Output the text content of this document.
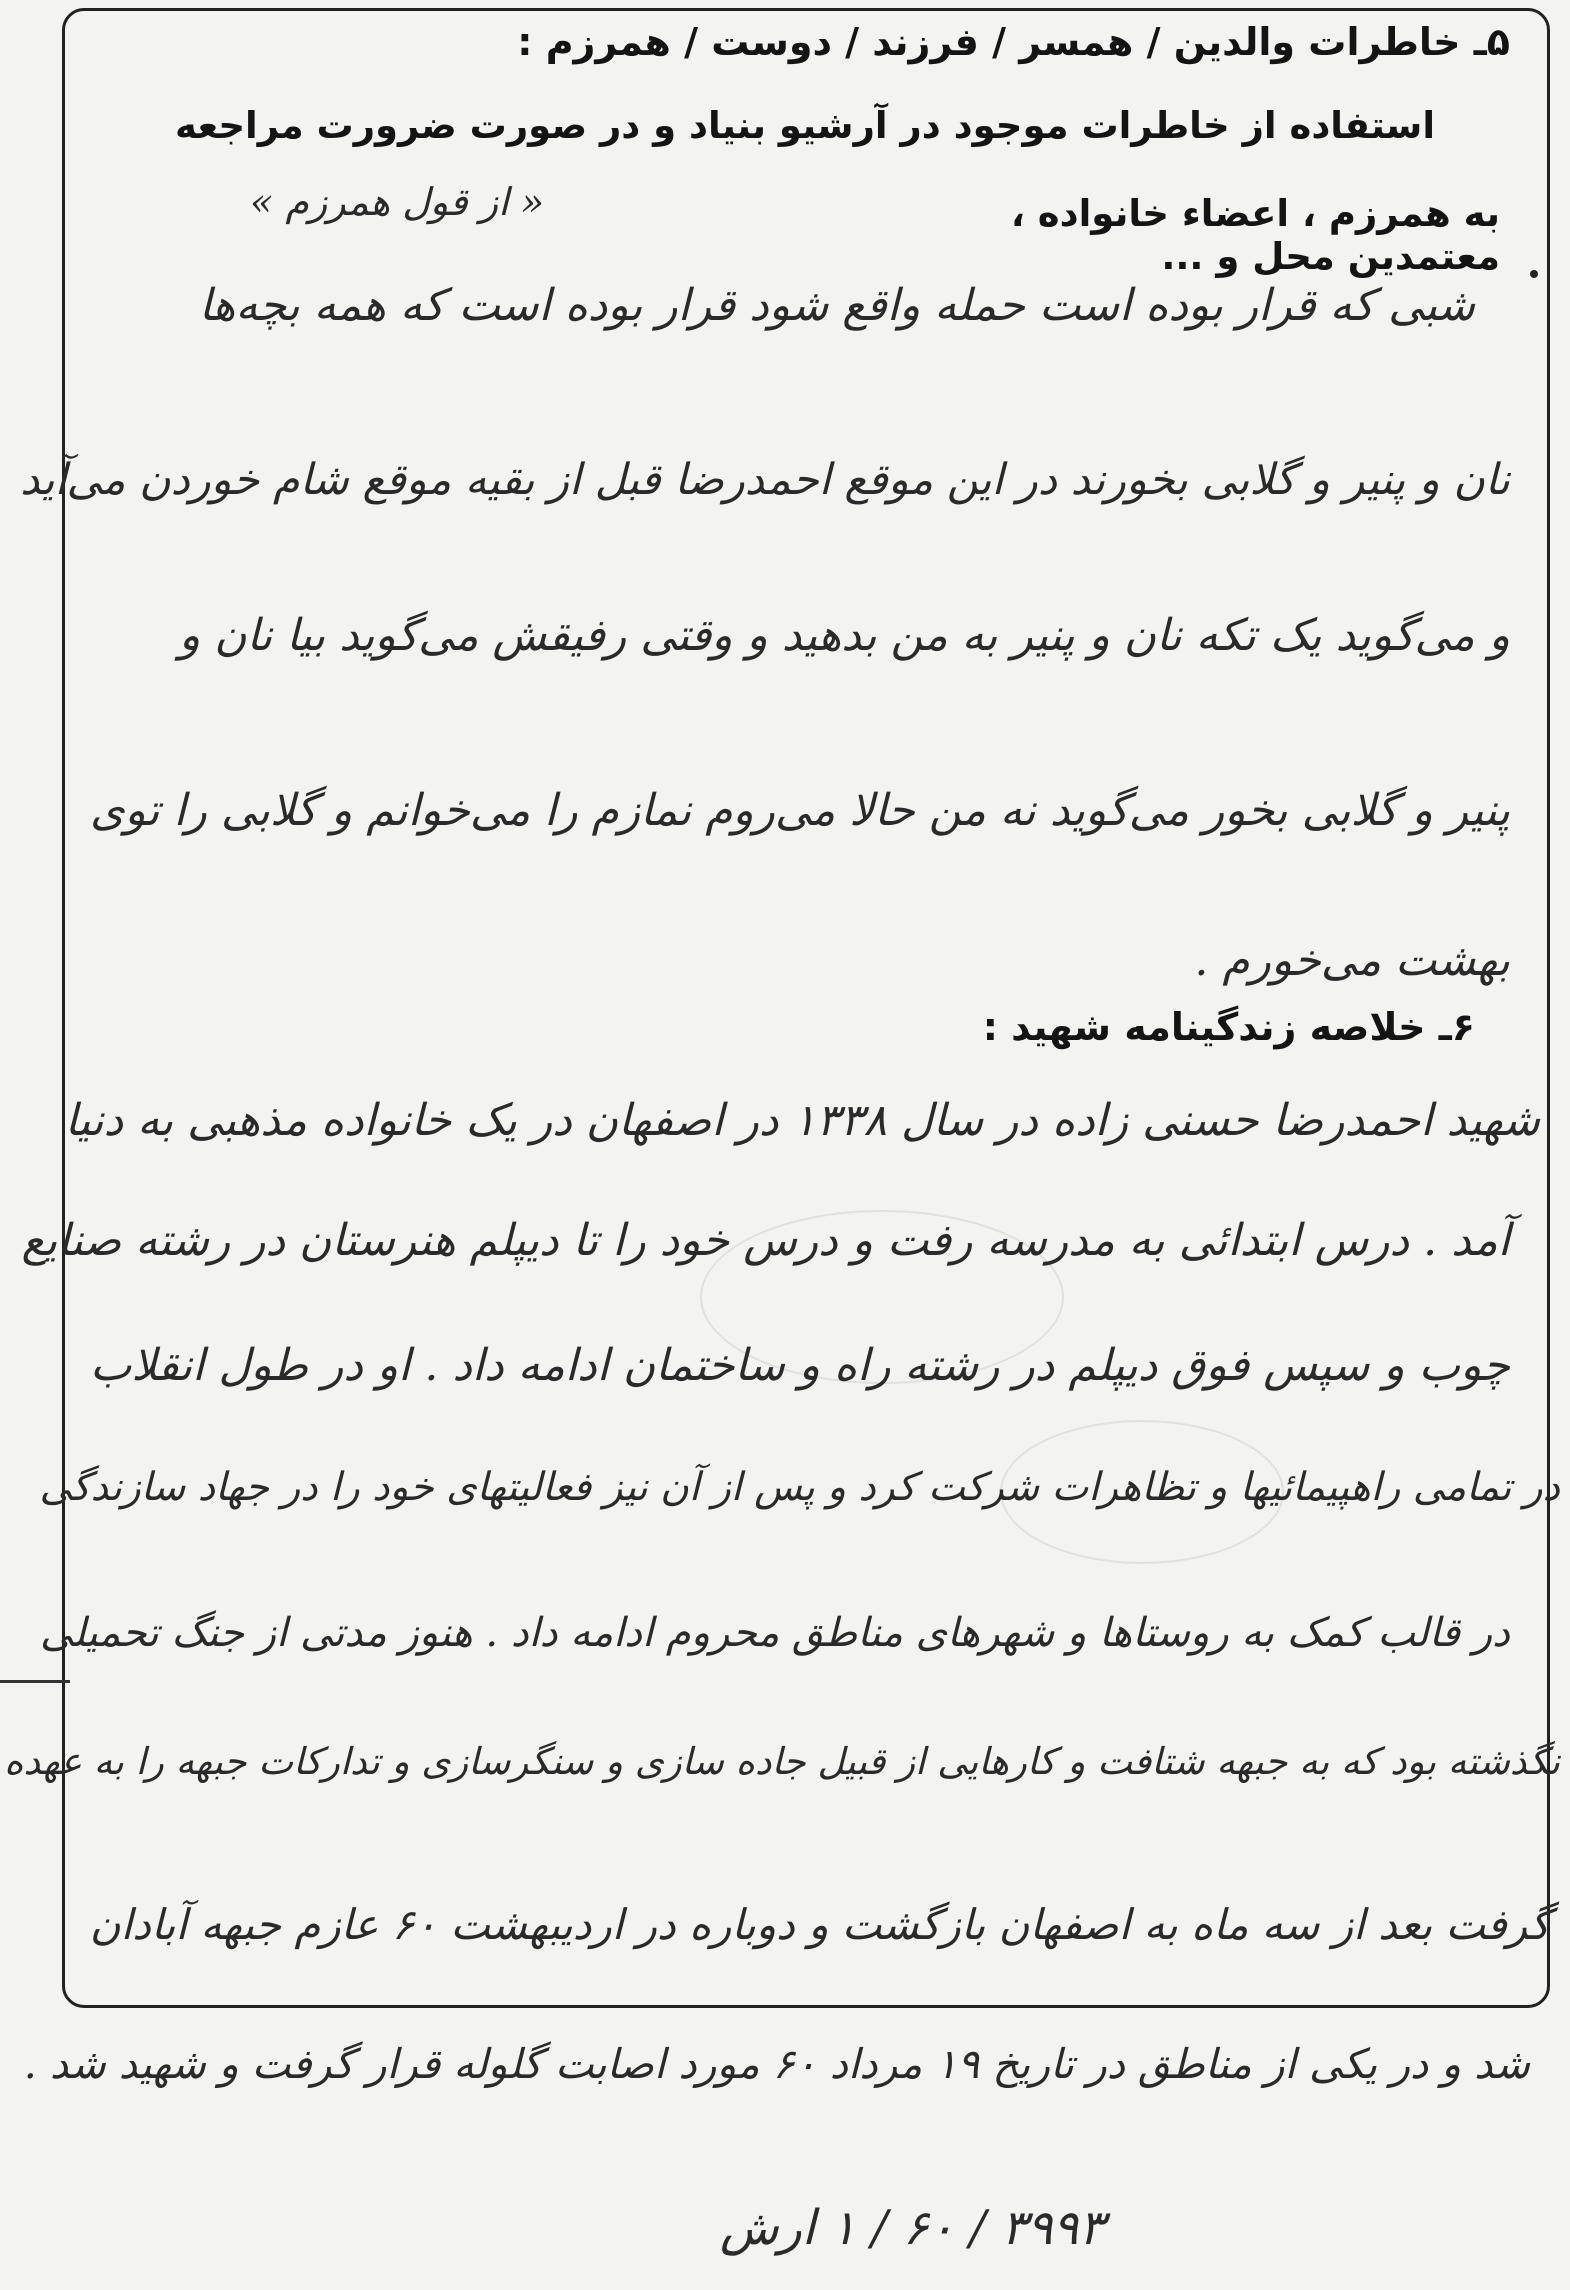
۵ـ خاطرات والدین / همسر / فرزند / دوست / همرزم :
استفاده از خاطرات موجود در آرشیو بنیاد و در صورت ضرورت مراجعه
به همرزم ، اعضاء خانواده ، معتمدین محل و ...
« از قول همرزم »
شبی که قرار بوده است حمله واقع شود قرار بوده است که همه بچه‌ها
نان و پنیر و گلابی بخورند در این موقع احمدرضا قبل از بقیه موقع شام خوردن می‌آید
و می‌گوید یک تکه نان و پنیر به من بدهید و وقتی رفیقش می‌گوید بیا نان و
پنیر و گلابی بخور می‌گوید نه من حالا می‌روم نمازم را می‌خوانم و گلابی را توی
بهشت می‌خورم .
۶ـ خلاصه زندگینامه شهید :
شهید احمدرضا حسنی زاده در سال ۱۳۳۸ در اصفهان در یک خانواده مذهبی به دنیا
آمد . درس ابتدائی به مدرسه رفت و درس خود را تا دیپلم هنرستان در رشته صنایع
چوب و سپس فوق دیپلم در رشته راه و ساختمان ادامه داد . او در طول انقلاب
در تمامی راهپیمائیها و تظاهرات شرکت کرد و پس از آن نیز فعالیتهای خود را در جهاد سازندگی
در قالب کمک به روستاها و شهرهای مناطق محروم ادامه داد . هنوز مدتی از جنگ تحمیلی
نگذشته بود که به جبهه شتافت و کارهایی از قبیل جاده سازی و سنگرسازی و تدارکات جبهه را به عهده
گرفت بعد از سه ماه به اصفهان بازگشت و دوباره در اردیبهشت ۶۰ عازم جبهه آبادان
شد و در یکی از مناطق در تاریخ ۱۹ مرداد ۶۰ مورد اصابت گلوله قرار گرفت و شهید شد .
۳۹۹۳ / ۶۰ / ۱ ارش
